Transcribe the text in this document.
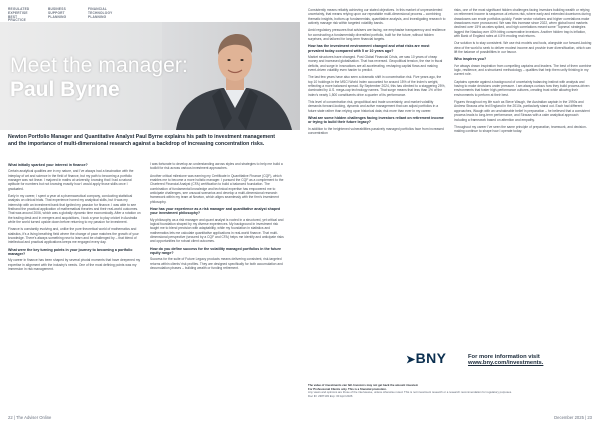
REGULATED
EXPERTISE
BEST
PRACTICE
BUSINESS
SUPPORT
PLANNING
FINANCIAL
TECHNOLOGY
PLANNING
Meet the manager:
Paul Byrne
Newton Portfolio Manager and Quantitative Analyst Paul Byrne explains his path to investment management and the importance of multi-dimensional research against a backdrop of increasing concentration risks.
What initially sparked your interest in finance?

Certain analytical qualities are in my nature, and I've always had a fascination with the interplay of art and science in the field of finance, but my path to becoming a portfolio manager was not linear. I majored in maths at university, knowing that I had a natural aptitude for numbers but not knowing exactly how I would apply those skills once I graduated.

Early in my career, I spent a year at a pharmaceutical company, conducting statistical analysis on clinical trials. That experience honed my analytical skills, but it was my internship with an investment bank that ignited my passion for finance. I was able to see firsthand the practical application of mathematical theories and their real-world outcomes. That was around 2006, which was a globally dynamic time economically. After a rotation on the trading desk and in mergers and acquisitions, I took a year to play cricket in Australia while the world turned upside down before returning to my passion for investment.

Finance is constantly evolving and, unlike the pure theoretical world of mathematics and statistics, it's a living breathing field where the change of pace matches the growth of your knowledge. There's always something new to learn and be challenged by – that blend of intellectual and practical applications keeps me engaged every day.

What were the key turning points in your journey to becoming a portfolio manager?

My career in finance has been shaped by several pivotal moments that have deepened my expertise in alignment with the industry's needs. One of the most defining points was my immersion in risk management.

I was fortunate to develop an understanding across styles and strategies to help me build a toolkit for risk across various investment approaches.

Another critical milestone was earning my Certificate in Quantitative Finance (CQF), which enables me to become a more holistic manager. I pursued the CQF as a complement to the Chartered Financial Analyst (CFA) certification to build a balanced foundation. The combination of fundamental knowledge and technical expertise has empowered me to anticipate challenges, see unusual scenarios and develop a multi-dimensional research framework within my team at Newton, which aligns seamlessly with the firm's investment philosophy.

How has your experience as a risk manager and quantitative analyst shaped your investment philosophy?

My philosophy as a risk manager and quant analyst is rooted in a structured, yet critical and logical foundation shaped by my diverse experiences. My background in investment risk taught me to blend precision with adaptability, while my foundation in statistics and mathematics lets me calculate quantitative applications in real-world finance. That multi-dimensional perspective (secured by a CQF and CFA) helps me identify and anticipate risks and opportunities for robust client outcomes.

How do you define success for the volatility managed portfolios in the future equity range?

Success for the suite of Future Legacy products means delivering consistent, risk-targeted returns within clients' risk profiles. They are designed specifically for both accumulation and decumulation phases – building wealth or funding retirement.

22 | The Adviser Online

Consistently means reliably achieving our stated objectives. In this market of unprecedented uncertainty, that means relying upon our repeatable multi-dimensional process – combining thematic insights, bottom-up fundamentals, quantitative analysis, and investigating research to actively manage risk within targeted volatility bands.

Amid regulatory pressures that advisers are facing, we emphasise transparency and resilience for constructing a fundamentally diversified portfolio, built for the future, without hidden surprises, and tailored for long-term financial targets.

How has the investment environment changed and what risks are most prevalent today compared with 5 or 10 years ago?

Market structures have changed. Post Global Financial Crisis, we saw 10 years of cheap money and increased globalisation. That has reversed. Geopolitical tension, the rise in fiscal deficits, and surge in innovations are all accelerating, reshaping capital flows and making event-driven volatility even harder to predict.

The last few years have also seen a dramatic shift in concentration risk. Five years ago, the top 10 holdings in the MSCI World Index accounted for around 15% of the Index's weight, reflecting a more balanced spread. By September 2024, this has climbed to a staggering 25%, dominated by U.S. mega-cap technology names. That surge means that less than 1% of the index's nearly 1,500 constituents drive a quarter of its performance.

This level of concentration risk, geopolitical and trade uncertainty, and market volatility demands forward-looking, dynamic and active management that can adjust portfolios in a future state rather than relying upon historical data; risk more than ever in my career.

What are some hidden challenges facing investors reliant on retirement income or trying to build their future legacy?

In addition to the heightened vulnerabilities passively managed portfolios face from increased concentration

risks, one of the most significant hidden challenges facing investors building wealth or relying on retirement income is sequence-of-returns risk, where early and extended downturns during drawdowns can erode portfolios quickly. Faster sector rotations and higher correlations make drawdowns more pronounced. We saw this increase since 2022, when global bond markets declined over 15% as rates spiked, and high correlations meant some 'Topness' strategies lagged the Nasdaq over 40% biting conservative investors. Another hidden trap is inflation, with Bank of England rates at 4.5% eroding real returns.

Our solution is to stay consistent. We use risk models and tools, alongside our forward-looking view of the world to seek to deliver modest income and provide truer diversification, which can lift the balance of possibilities in our favour.

Who inspires you?

I've always drawn inspiration from compelling captains and leaders. The best of them combine logic, resilience, and a structured methodology – qualities that help them unify thinking in my current role.

Captains operate against a background of uncertainty balancing instinct with analysis and having to make decisions under pressure. I am always curious how they build process-driven environments that foster high-performance cultures, creating trust while allowing their environments to perform at their best.

Figures throughout my life such as Steve Waugh, the Australian captain in the 1990s and Andrew Strauss who led England in the 2010s, particularly stand out. Each had different approaches, Waugh with an unshakeable belief in preparation – he believed that a consistent process leads to long-term performance, and Strauss with a calm analytical approach including a framework based on attention and empathy.

Throughout my career I've seen the same principle of preparation, teamwork, and decision-making continue to shape how I operate today.

➤BNY	For more information visit www.bny.com/investments.
The value of investments can fall. Investors may not get back the amount invested.
For Professional Clients only. This is a financial promotion.
Any views and opinions are those of the interviewee, unless otherwise noted. This is not investment research or a research recommendation for regulatory purposes.
Doc ID: 2387103 Exp: 30 April 2026
December 2025 | 23
